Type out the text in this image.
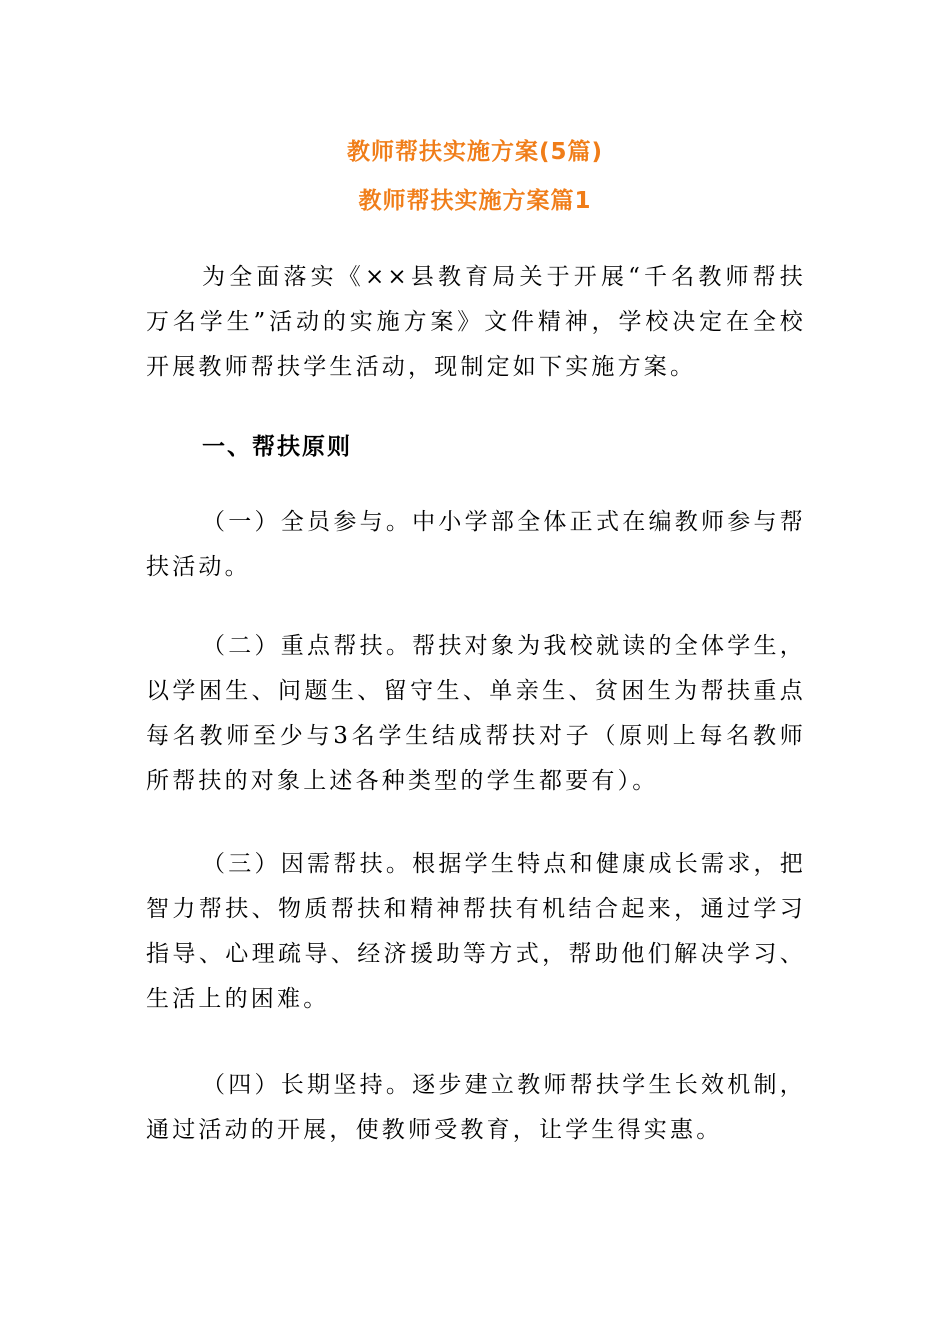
教师帮扶实施方案(5篇)
教师帮扶实施方案篇1

为全面落实《××县教育局关于开展“千名教师帮扶万名学生”活动的实施方案》文件精神，学校决定在全校开展教师帮扶学生活动，现制定如下实施方案。

一、帮扶原则

（一）全员参与。中小学部全体正式在编教师参与帮扶活动。

（二）重点帮扶。帮扶对象为我校就读的全体学生，以学困生、问题生、留守生、单亲生、贫困生为帮扶重点每名教师至少与3名学生结成帮扶对子（原则上每名教师所帮扶的对象上述各种类型的学生都要有）。

（三）因需帮扶。根据学生特点和健康成长需求，把智力帮扶、物质帮扶和精神帮扶有机结合起来，通过学习指导、心理疏导、经济援助等方式，帮助他们解决学习、生活上的困难。

（四）长期坚持。逐步建立教师帮扶学生长效机制，通过活动的开展，使教师受教育，让学生得实惠。
